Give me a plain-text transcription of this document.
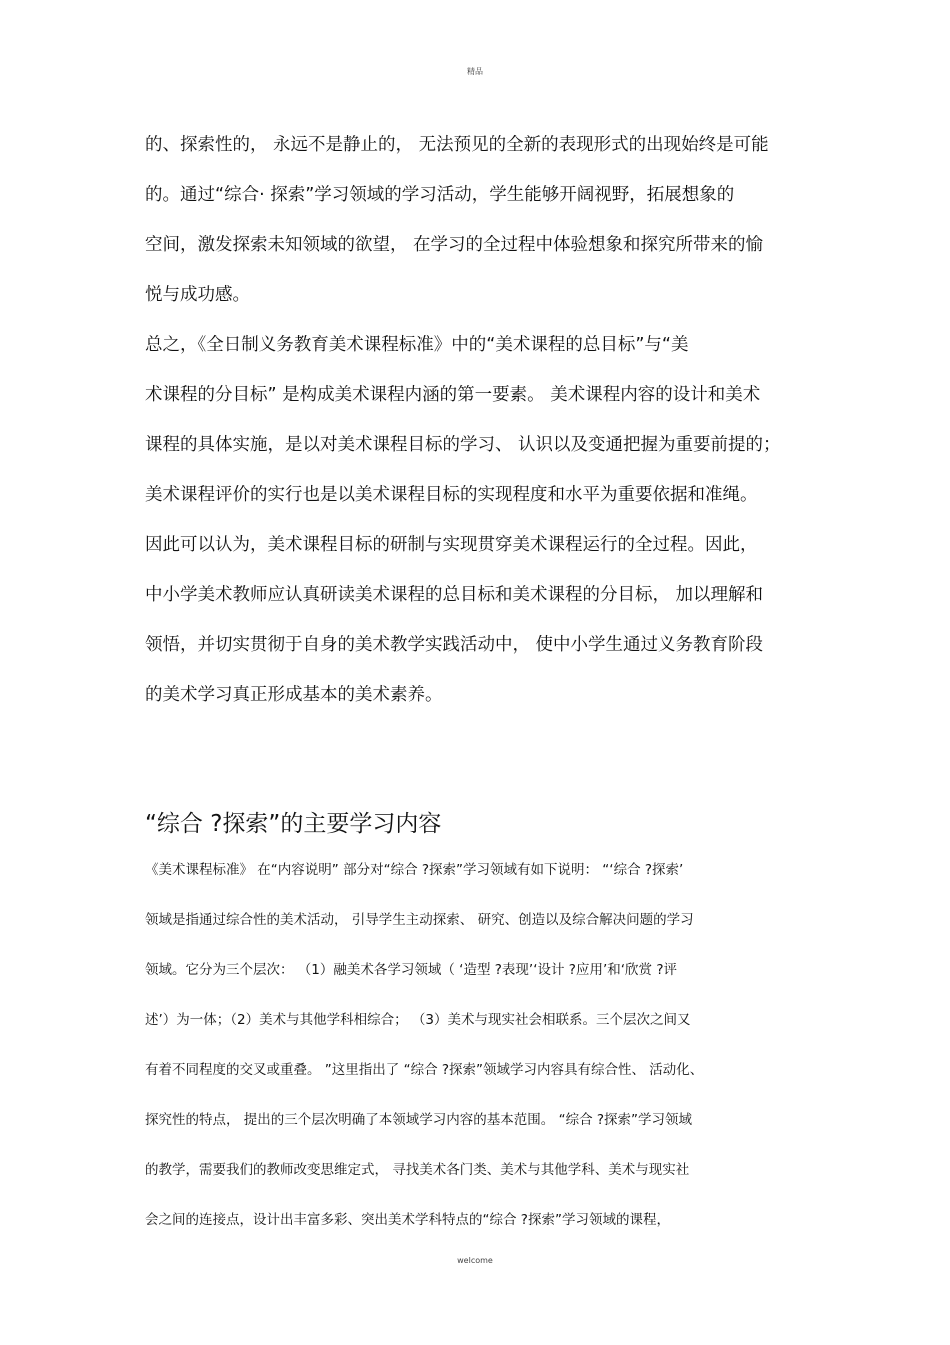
精品

的、探索性的， 永远不是静止的， 无法预见的全新的表现形式的出现始终是可能

的。通过“综合· 探索”学习领域的学习活动，学生能够开阔视野，拓展想象的

空间，激发探索未知领域的欲望， 在学习的全过程中体验想象和探究所带来的愉

悦与成功感。

总之，《全日制义务教育美术课程标准》中的“美术课程的总目标”与“美

术课程的分目标” 是构成美术课程内涵的第一要素。 美术课程内容的设计和美术

课程的具体实施，是以对美术课程目标的学习、 认识以及变通把握为重要前提的；

美术课程评价的实行也是以美术课程目标的实现程度和水平为重要依据和准绳。

因此可以认为，美术课程目标的研制与实现贯穿美术课程运行的全过程。因此，

中小学美术教师应认真研读美术课程的总目标和美术课程的分目标， 加以理解和

领悟，并切实贯彻于自身的美术教学实践活动中， 使中小学生通过义务教育阶段

的美术学习真正形成基本的美术素养。

“综合 ?探索”的主要学习内容

《美术课程标准》 在“内容说明” 部分对“综合 ?探索”学习领域有如下说明： “‘综合 ?探索’

领域是指通过综合性的美术活动， 引导学生主动探索、 研究、创造以及综合解决问题的学习

领域。它分为三个层次： （1）融美术各学习领域（ ‘造型 ?表现’‘设计 ?应用’和‘欣赏 ?评

述’）为一体；（2）美术与其他学科相综合； （3）美术与现实社会相联系。三个层次之间又

有着不同程度的交叉或重叠。 ”这里指出了 “综合 ?探索”领域学习内容具有综合性、 活动化、

探究性的特点， 提出的三个层次明确了本领域学习内容的基本范围。 “综合 ?探索”学习领域

的教学，需要我们的教师改变思维定式， 寻找美术各门类、美术与其他学科、美术与现实社

会之间的连接点，设计出丰富多彩、突出美术学科特点的“综合 ?探索”学习领域的课程，

welcome
